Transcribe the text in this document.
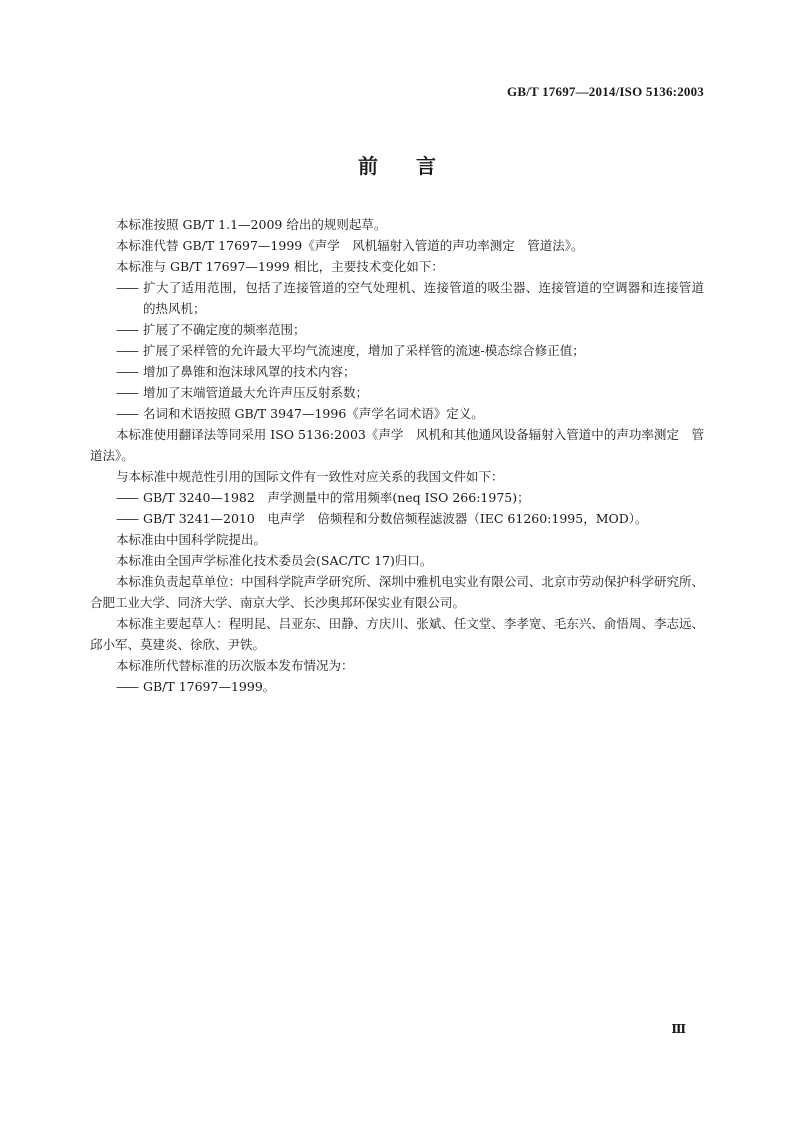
GB/T 17697—2014/ISO 5136:2003
前言

本标准按照 GB/T 1.1—2009 给出的规则起草。

本标准代替 GB/T 17697—1999《声学　风机辐射入管道的声功率测定　管道法》。

本标准与 GB/T 17697—1999 相比，主要技术变化如下：

—— 扩大了适用范围，包括了连接管道的空气处理机、连接管道的吸尘器、连接管道的空调器和连接管道的热风机；

—— 扩展了不确定度的频率范围；

—— 扩展了采样管的允许最大平均气流速度，增加了采样管的流速-模态综合修正值；

—— 增加了鼻锥和泡沫球风罩的技术内容；

—— 增加了末端管道最大允许声压反射系数；

—— 名词和术语按照 GB/T 3947—1996《声学名词术语》定义。

本标准使用翻译法等同采用 ISO 5136:2003《声学　风机和其他通风设备辐射入管道中的声功率测定　管道法》。

与本标准中规范性引用的国际文件有一致性对应关系的我国文件如下：

—— GB/T 3240—1982　声学测量中的常用频率(neq ISO 266:1975)；

—— GB/T 3241—2010　电声学　倍频程和分数倍频程滤波器（IEC 61260:1995，MOD）。

本标准由中国科学院提出。

本标准由全国声学标准化技术委员会(SAC/TC 17)归口。

本标准负责起草单位：中国科学院声学研究所、深圳中雅机电实业有限公司、北京市劳动保护科学研究所、合肥工业大学、同济大学、南京大学、长沙奥邦环保实业有限公司。

本标准主要起草人：程明昆、吕亚东、田静、方庆川、张斌、任文堂、李孝宽、毛东兴、俞悟周、李志远、邱小军、莫建炎、徐欣、尹铁。

本标准所代替标准的历次版本发布情况为：

—— GB/T 17697—1999。

Ⅲ
